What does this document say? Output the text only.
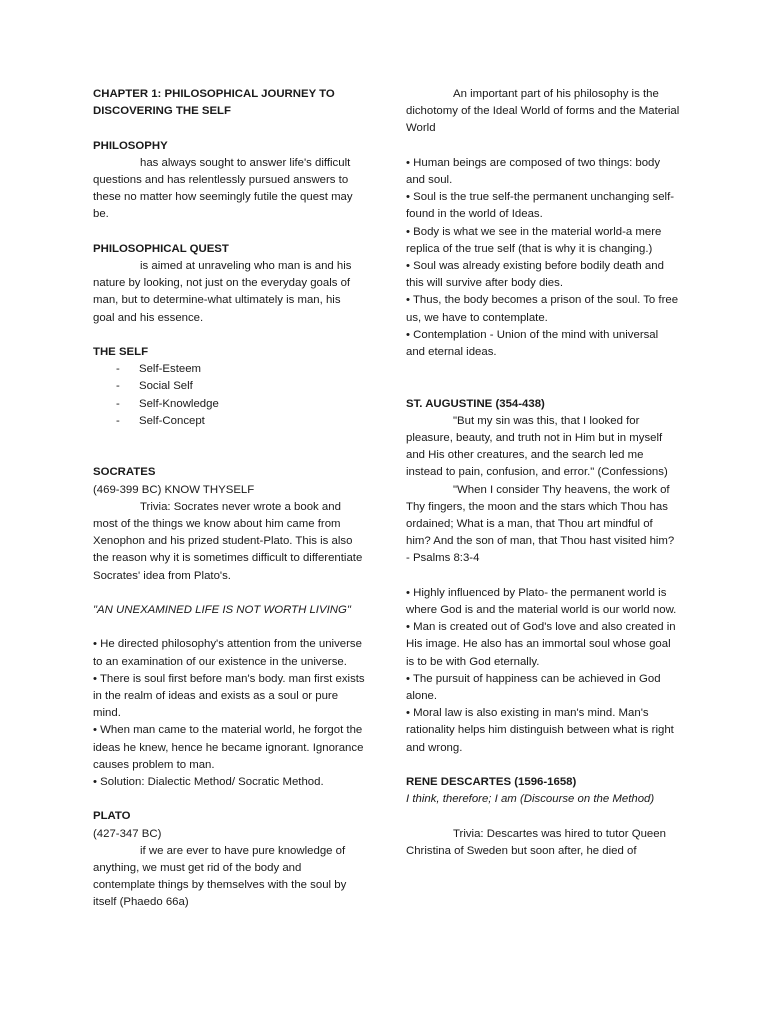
CHAPTER 1: PHILOSOPHICAL JOURNEY TO DISCOVERING THE SELF

PHILOSOPHY

has always sought to answer life's difficult questions and has relentlessly pursued answers to these no matter how seemingly futile the quest may be.

PHILOSOPHICAL QUEST

is aimed at unraveling who man is and his nature by looking, not just on the everyday goals of man, but to determine-what ultimately is man, his goal and his essence.

THE SELF

- Self-Esteem
- Social Self
- Self-Knowledge
- Self-Concept

SOCRATES

(469-399 BC) KNOW THYSELF

Trivia: Socrates never wrote a book and most of the things we know about him came from Xenophon and his prized student-Plato. This is also the reason why it is sometimes difficult to differentiate Socrates' idea from Plato's.

"AN UNEXAMINED LIFE IS NOT WORTH LIVING"

• He directed philosophy's attention from the universe to an examination of our existence in the universe.

• There is soul first before man's body. man first exists in the realm of ideas and exists as a soul or pure mind.

• When man came to the material world, he forgot the ideas he knew, hence he became ignorant. Ignorance causes problem to man.

• Solution: Dialectic Method/ Socratic Method.

PLATO

(427-347 BC)

if we are ever to have pure knowledge of anything, we must get rid of the body and contemplate things by themselves with the soul by itself (Phaedo 66a)

An important part of his philosophy is the dichotomy of the Ideal World of forms and the Material World

• Human beings are composed of two things: body and soul.

• Soul is the true self-the permanent unchanging self-found in the world of Ideas.

• Body is what we see in the material world-a mere replica of the true self (that is why it is changing.)

• Soul was already existing before bodily death and this will survive after body dies.

• Thus, the body becomes a prison of the soul. To free us, we have to contemplate.

• Contemplation - Union of the mind with universal and eternal ideas.

ST. AUGUSTINE (354-438)

"But my sin was this, that I looked for pleasure, beauty, and truth not in Him but in myself and His other creatures, and the search led me instead to pain, confusion, and error." (Confessions)

"When I consider Thy heavens, the work of Thy fingers, the moon and the stars which Thou has ordained; What is a man, that Thou art mindful of him? And the son of man, that Thou hast visited him?

- Psalms 8:3-4

• Highly influenced by Plato- the permanent world is where God is and the material world is our world now.

• Man is created out of God's love and also created in His image. He also has an immortal soul whose goal is to be with God eternally.

• The pursuit of happiness can be achieved in God alone.

• Moral law is also existing in man's mind. Man's rationality helps him distinguish between what is right and wrong.

RENE DESCARTES (1596-1658)

I think, therefore; I am (Discourse on the Method)

Trivia: Descartes was hired to tutor Queen Christina of Sweden but soon after, he died of
